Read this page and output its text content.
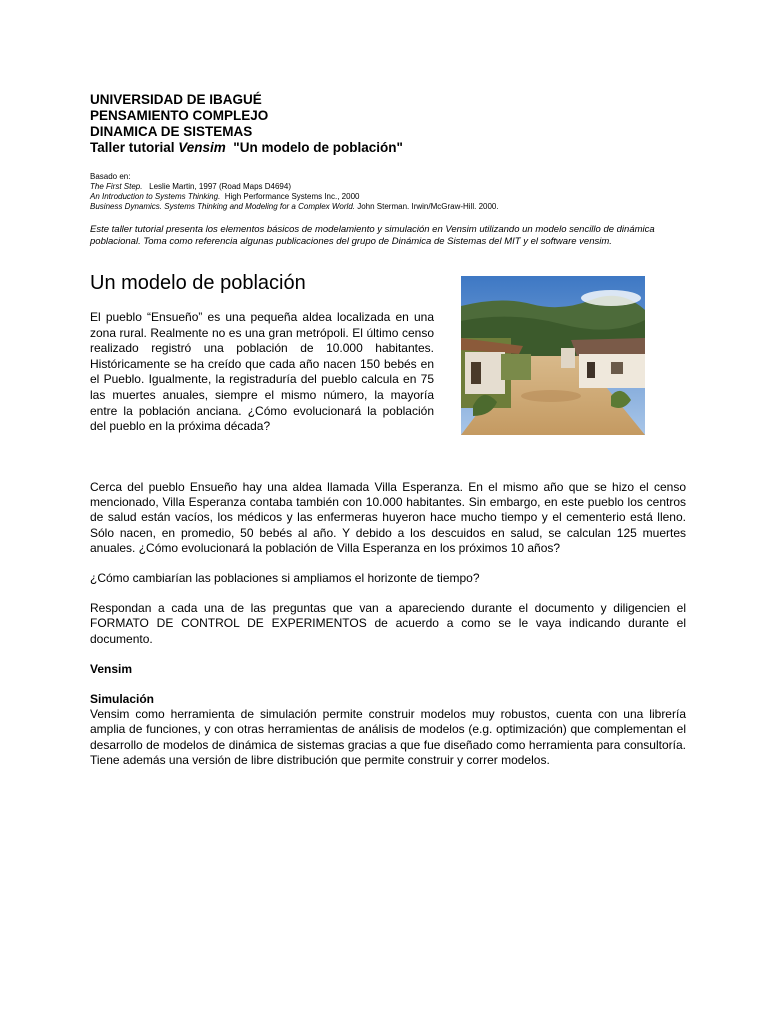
UNIVERSIDAD DE IBAGUÉ
PENSAMIENTO COMPLEJO
DINAMICA DE SISTEMAS
Taller tutorial Vensim  "Un modelo de población"
Basado en:
The First Step.   Leslie Martin, 1997 (Road Maps D4694)
An Introduction to Systems Thinking.  High Performance Systems Inc., 2000
Business Dynamics. Systems Thinking and Modeling for a Complex World. John Sterman. Irwin/McGraw-Hill. 2000.
Este taller tutorial presenta los elementos básicos de modelamiento y simulación en Vensim utilizando un modelo sencillo de dinámica poblacional. Toma como referencia algunas publicaciones del grupo de Dinámica de Sistemas del MIT y el software vensim.
Un modelo de población
El pueblo “Ensueño” es una pequeña aldea localizada en una zona rural. Realmente no es una gran metrópoli. El último censo realizado registró una población de 10.000 habitantes. Históricamente se ha creído que cada año nacen 150 bebés en el Pueblo. Igualmente, la registraduría del pueblo calcula en 75 las muertes anuales, siempre el mismo número, la mayoría entre la población anciana. ¿Cómo evolucionará la población del pueblo en la próxima década?

Cerca del pueblo Ensueño hay una aldea llamada Villa Esperanza. En el mismo año que se hizo el censo mencionado, Villa Esperanza contaba también con 10.000 habitantes. Sin embargo, en este pueblo los centros de salud están vacíos, los médicos y las enfermeras huyeron hace mucho tiempo y el cementerio está lleno. Sólo nacen, en promedio, 50 bebés al año. Y debido a los descuidos en salud, se calculan 125 muertes anuales. ¿Cómo evolucionará la población de Villa Esperanza en los próximos 10 años?

¿Cómo cambiarían las poblaciones si ampliamos el horizonte de tiempo?

Respondan a cada una de las preguntas que van a apareciendo durante el documento y diligencien el FORMATO DE CONTROL DE EXPERIMENTOS de acuerdo a como se le vaya indicando durante el documento.

Vensim

Simulación

Vensim como herramienta de simulación permite construir modelos muy robustos, cuenta con una librería amplia de funciones, y con otras herramientas de análisis de modelos (e.g. optimización) que complementan el desarrollo de modelos de dinámica de sistemas gracias a que fue diseñado como herramienta para consultoría. Tiene además una versión de libre distribución que permite construir y correr modelos.
